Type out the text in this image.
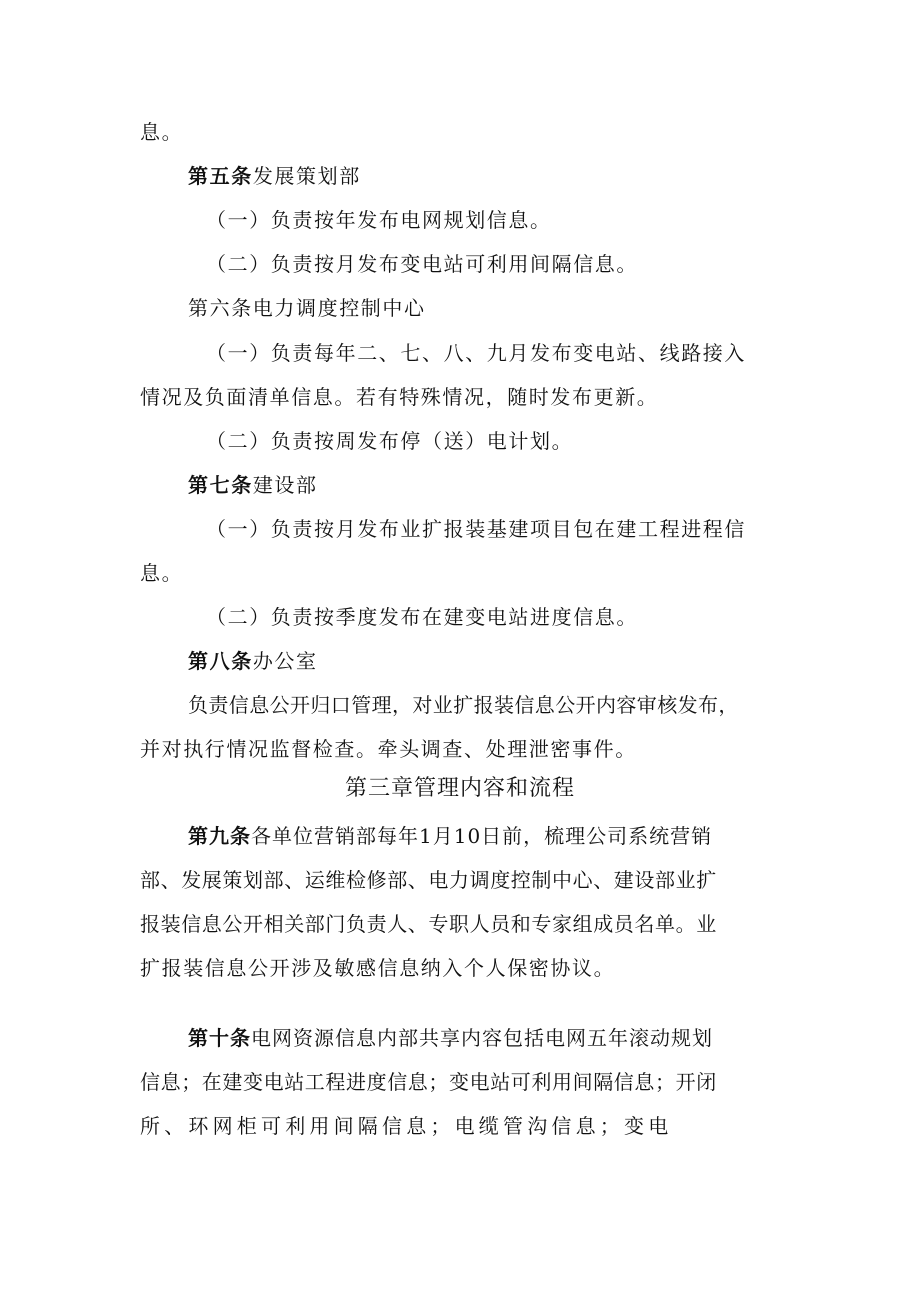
息。
第五条发展策划部
（一）负责按年发布电网规划信息。
（二）负责按月发布变电站可利用间隔信息。
第六条电力调度控制中心
（一）负责每年二、七、八、九月发布变电站、线路接入
情况及负面清单信息。若有特殊情况，随时发布更新。
（二）负责按周发布停（送）电计划。
第七条建设部
（一）负责按月发布业扩报装基建项目包在建工程进程信
息。
（二）负责按季度发布在建变电站进度信息。
第八条办公室
负责信息公开归口管理，对业扩报装信息公开内容审核发布，
并对执行情况监督检查。牵头调查、处理泄密事件。
第三章管理内容和流程
第九条各单位营销部每年1月10日前，梳理公司系统营销
部、发展策划部、运维检修部、电力调度控制中心、建设部业扩
报装信息公开相关部门负责人、专职人员和专家组成员名单。业
扩报装信息公开涉及敏感信息纳入个人保密协议。
第十条电网资源信息内部共享内容包括电网五年滚动规划
信息；在建变电站工程进度信息；变电站可利用间隔信息；开闭
所、环网柜可利用间隔信息；电缆管沟信息；变电
